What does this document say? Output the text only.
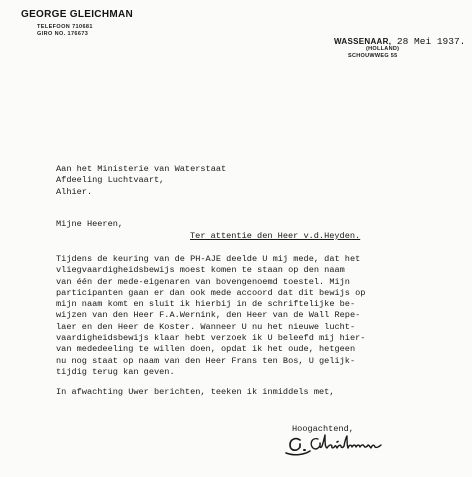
GEORGE GLEICHMAN
TELEFOON 710681
GIRO NO. 176673
WASSENAAR, 28 Mei 1937.
(HOLLAND)
SCHOUWWEG 55
Aan het Ministerie van Waterstaat
Afdeeling Luchtvaart,
Alhier.
Mijne Heeren,
Ter attentie den Heer v.d.Heyden.
Tijdens de keuring van de PH-AJE deelde U mij mede, dat het
vliegvaardigheidsbewijs moest komen te staan op den naam
van één der mede-eigenaren van bovengenoemd toestel. Mijn
participanten gaan er dan ook mede accoord dat dit bewijs op
mijn naam komt en sluit ik hierbij in de schriftelijke be-
wijzen van den Heer F.A.Wernink, den Heer van de Wall Repe-
laer en den Heer de Koster. Wanneer U nu het nieuwe lucht-
vaardigheidsbewijs klaar hebt verzoek ik U beleefd mij hier-
van mededeeling te willen doen, opdat ik het oude, hetgeen
nu nog staat op naam van den Heer Frans ten Bos, U gelijk-
tijdig terug kan geven.
In afwachting Uwer berichten, teeken ik inmiddels met,
Hoogachtend,
